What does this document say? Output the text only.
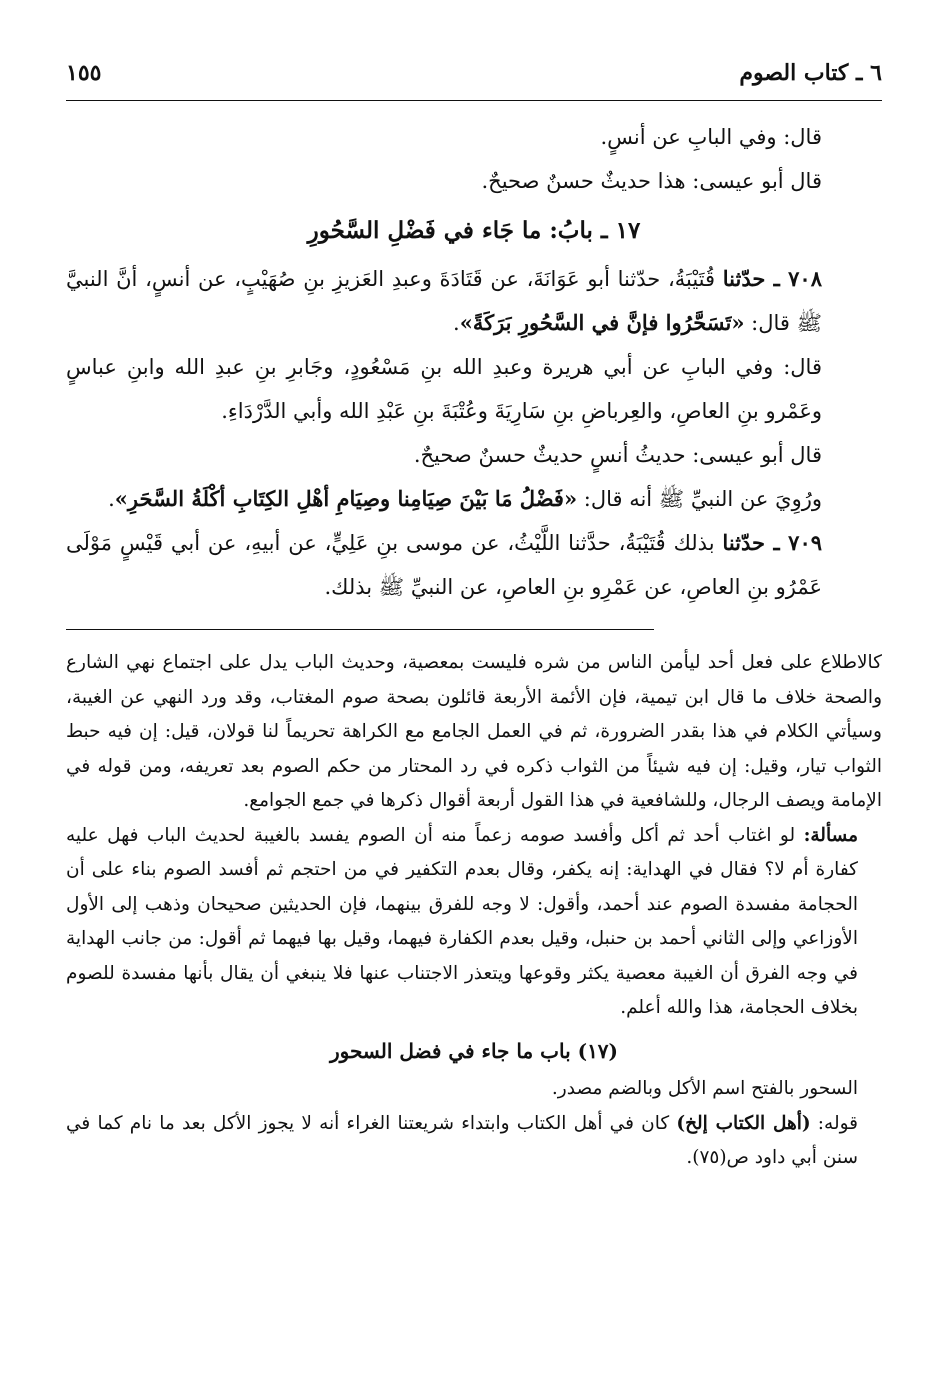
٦ ـ كتاب الصوم
١٥٥

قال: وفي البابِ عن أنسٍ.

قال أبو عيسى: هذا حديثٌ حسنٌ صحيحٌ.

١٧ ـ بابُ: ما جَاء في فَضْلِ السَّحُورِ

٧٠٨ ـ حدّثنا قُتَيْبَةُ، حدّثنا أبو عَوَانَةَ، عن قَتَادَةَ وعبدِ العَزيزِ بنِ صُهَيْبٍ، عن أنسٍ، أنَّ النبيَّ ﷺ قال: «تَسَحَّرُوا فإنَّ في السَّحُورِ بَرَكَةً».

قال: وفي البابِ عن أبي هريرة وعبدِ الله بنِ مَسْعُودٍ، وجَابرِ بنِ عبدِ الله وابنِ عباسٍ وعَمْرو بنِ العاصِ، والعِرباضِ بنِ سَارِيَةَ وعُتْبَةَ بنِ عَبْدِ الله وأبي الدَّرْدَاءِ.

قال أبو عيسى: حديثُ أنسٍ حديثٌ حسنٌ صحيحٌ.

ورُوِيَ عن النبيِّ ﷺ أنه قال: «فَضْلُ مَا بَيْنَ صِيَامِنا وصِيَامِ أهْلِ الكِتَابِ أكْلَةُ السَّحَرِ».

٧٠٩ ـ حدّثنا بذلك قُتَيْبَةُ، حدَّثنا اللَّيْثُ، عن موسى بنِ عَلِيٍّ، عن أبيهِ، عن أبي قَيْسٍ مَوْلَى عَمْرُو بنِ العاصِ، عن عَمْرِو بنِ العاصِ، عن النبيِّ ﷺ بذلك.

كالاطلاع على فعل أحد ليأمن الناس من شره فليست بمعصية، وحديث الباب يدل على اجتماع نهي الشارع والصحة خلاف ما قال ابن تيمية، فإن الأئمة الأربعة قائلون بصحة صوم المغتاب، وقد ورد النهي عن الغيبة، وسيأتي الكلام في هذا بقدر الضرورة، ثم في العمل الجامع مع الكراهة تحريماً لنا قولان، قيل: إن فيه حبط الثواب تيار، وقيل: إن فيه شيئاً من الثواب ذكره في رد المحتار من حكم الصوم بعد تعريفه، ومن قوله في الإمامة ويصف الرجال، وللشافعية في هذا القول أربعة أقوال ذكرها في جمع الجوامع.

مسألة: لو اغتاب أحد ثم أكل وأفسد صومه زعماً منه أن الصوم يفسد بالغيبة لحديث الباب فهل عليه كفارة أم لا؟ فقال في الهداية: إنه يكفر، وقال بعدم التكفير في من احتجم ثم أفسد الصوم بناء على أن الحجامة مفسدة الصوم عند أحمد، وأقول: لا وجه للفرق بينهما، فإن الحديثين صحيحان وذهب إلى الأول الأوزاعي وإلى الثاني أحمد بن حنبل، وقيل بعدم الكفارة فيهما، وقيل بها فيهما ثم أقول: من جانب الهداية في وجه الفرق أن الغيبة معصية يكثر وقوعها ويتعذر الاجتناب عنها فلا ينبغي أن يقال بأنها مفسدة للصوم بخلاف الحجامة، هذا والله أعلم.

(١٧) باب ما جاء في فضل السحور

السحور بالفتح اسم الأكل وبالضم مصدر.

قوله: (أهل الكتاب إلخ) كان في أهل الكتاب وابتداء شريعتنا الغراء أنه لا يجوز الأكل بعد ما نام كما في سنن أبي داود ص(٧٥).
